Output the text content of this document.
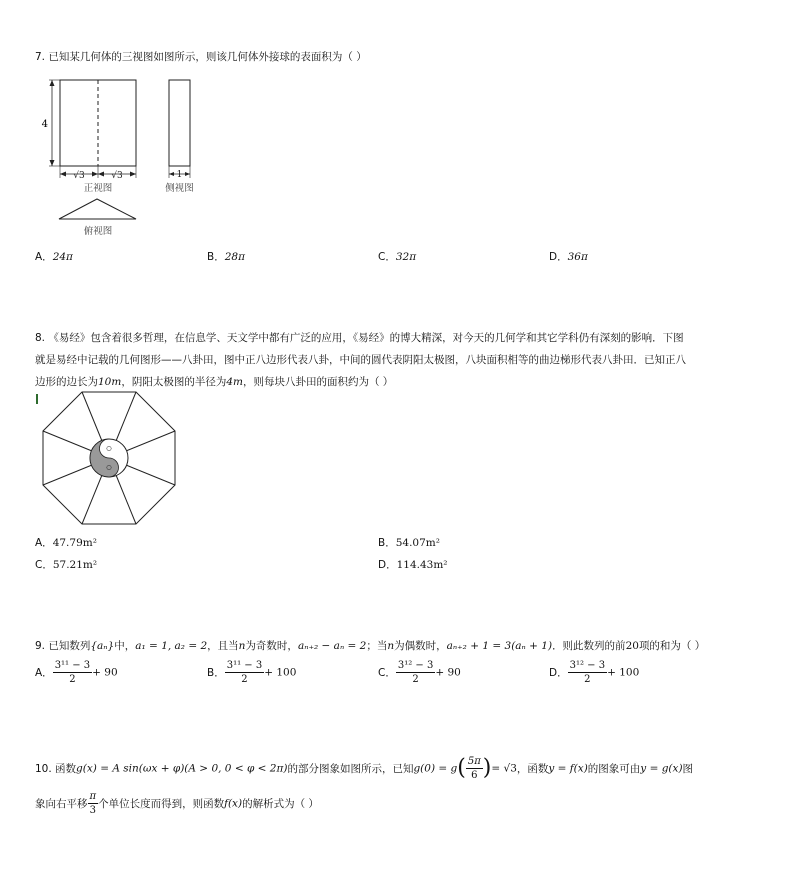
7. 已知某几何体的三视图如图所示，则该几何体外接球的表面积为（ ）
4
√3	√3
正视图
1
侧视图
俯视图
A．24π	B．28π	C．32π	D．36π
8. 《易经》包含着很多哲理，在信息学、天文学中都有广泛的应用，《易经》的博大精深，对今天的几何学和其它学科仍有深刻的影响．下图
就是易经中记载的几何图形——八卦田，图中正八边形代表八卦，中间的圆代表阴阳太极图，八块面积相等的曲边梯形代表八卦田．已知正八
边形的边长为10m，阴阳太极图的半径为4m，则每块八卦田的面积约为（ ）
A．47.79m²	B．54.07m²
C．57.21m²	D．114.43m²
9. 已知数列{aₙ}中，a₁ = 1, a₂ = 2，且当n为奇数时，aₙ₊₂ − aₙ = 2；当n为偶数时，aₙ₊₂ + 1 = 3(aₙ + 1)．则此数列的前20项的和为（ ）
A． $\frac{\text{3¹¹ − 3}}{2} + 90$	B． $\frac{\text{3¹¹ − 3}}{2} + 100$	C． $\frac{\text{3¹² − 3}}{2} + 90$	D． $\frac{\text{3¹² − 3}}{2} + 100$
10. 函数g(x) = A sin(ωx + φ)(A > 0, 0 < φ < 2π)的部分图象如图所示，已知$g(0) = g( \frac{5\pi}{6}$ )= √3，函数y = f(x)的图象可由y = g(x)图
象向右平移 $\frac{\pi}{3}$ 个单位长度而得到，则函数f(x)的解析式为（ ）
